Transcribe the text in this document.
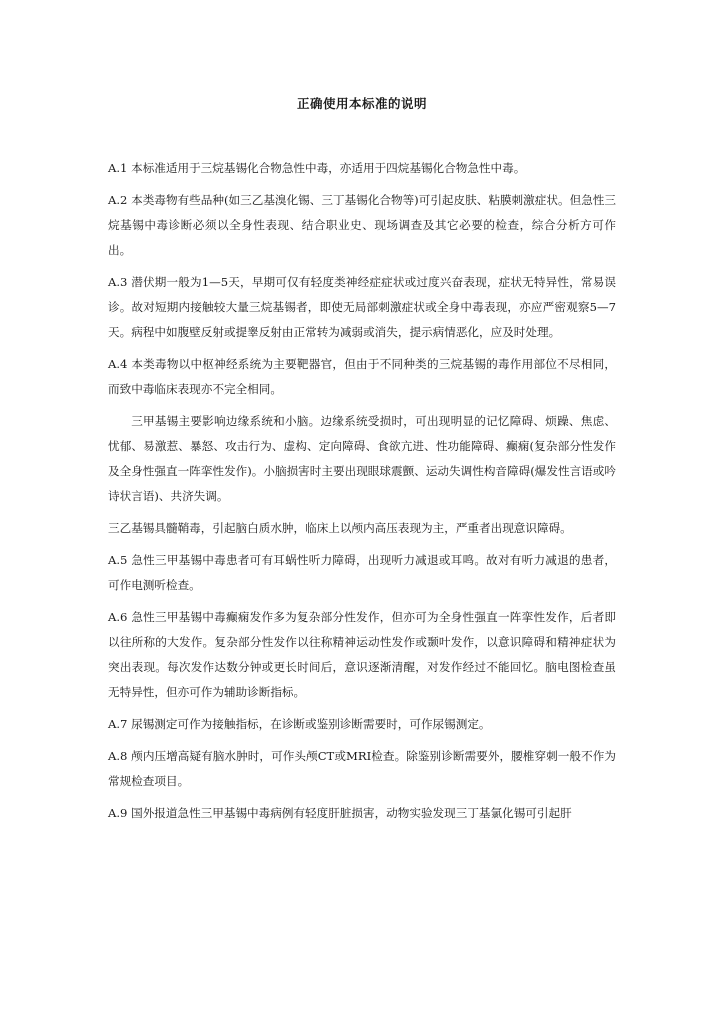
正确使用本标准的说明

A.1 本标准适用于三烷基锡化合物急性中毒，亦适用于四烷基锡化合物急性中毒。

A.2 本类毒物有些品种(如三乙基溴化锡、三丁基锡化合物等)可引起皮肤、粘膜刺激症状。但急性三烷基锡中毒诊断必须以全身性表现、结合职业史、现场调查及其它必要的检查，综合分析方可作出。

A.3 潜伏期一般为1—5天，早期可仅有轻度类神经症症状或过度兴奋表现，症状无特异性，常易误诊。故对短期内接触较大量三烷基锡者，即使无局部刺激症状或全身中毒表现，亦应严密观察5—7天。病程中如腹壁反射或提睾反射由正常转为减弱或消失，提示病情恶化，应及时处理。

A.4 本类毒物以中枢神经系统为主要靶器官，但由于不同种类的三烷基锡的毒作用部位不尽相同，而致中毒临床表现亦不完全相同。

三甲基锡主要影响边缘系统和小脑。边缘系统受损时，可出现明显的记忆障碍、烦躁、焦虑、忧郁、易激惹、暴怒、攻击行为、虚构、定向障碍、食欲亢进、性功能障碍、癫痫(复杂部分性发作及全身性强直一阵挛性发作)。小脑损害时主要出现眼球震颤、运动失调性构音障碍(爆发性言语或吟诗状言语)、共济失调。

三乙基锡具髓鞘毒，引起脑白质水肿，临床上以颅内高压表现为主，严重者出现意识障碍。

A.5 急性三甲基锡中毒患者可有耳蜗性听力障碍，出现听力减退或耳鸣。故对有听力减退的患者，可作电测听检查。

A.6 急性三甲基锡中毒癫痫发作多为复杂部分性发作，但亦可为全身性强直一阵挛性发作，后者即以往所称的大发作。复杂部分性发作以往称精神运动性发作或颞叶发作，以意识障碍和精神症状为突出表现。每次发作达数分钟或更长时间后，意识逐渐清醒，对发作经过不能回忆。脑电图检查虽无特异性，但亦可作为辅助诊断指标。

A.7 尿锡测定可作为接触指标，在诊断或鉴别诊断需要时，可作尿锡测定。

A.8 颅内压增高疑有脑水肿时，可作头颅CT或MRI检查。除鉴别诊断需要外，腰椎穿刺一般不作为常规检查项目。

A.9 国外报道急性三甲基锡中毒病例有轻度肝脏损害，动物实验发现三丁基氯化锡可引起肝
